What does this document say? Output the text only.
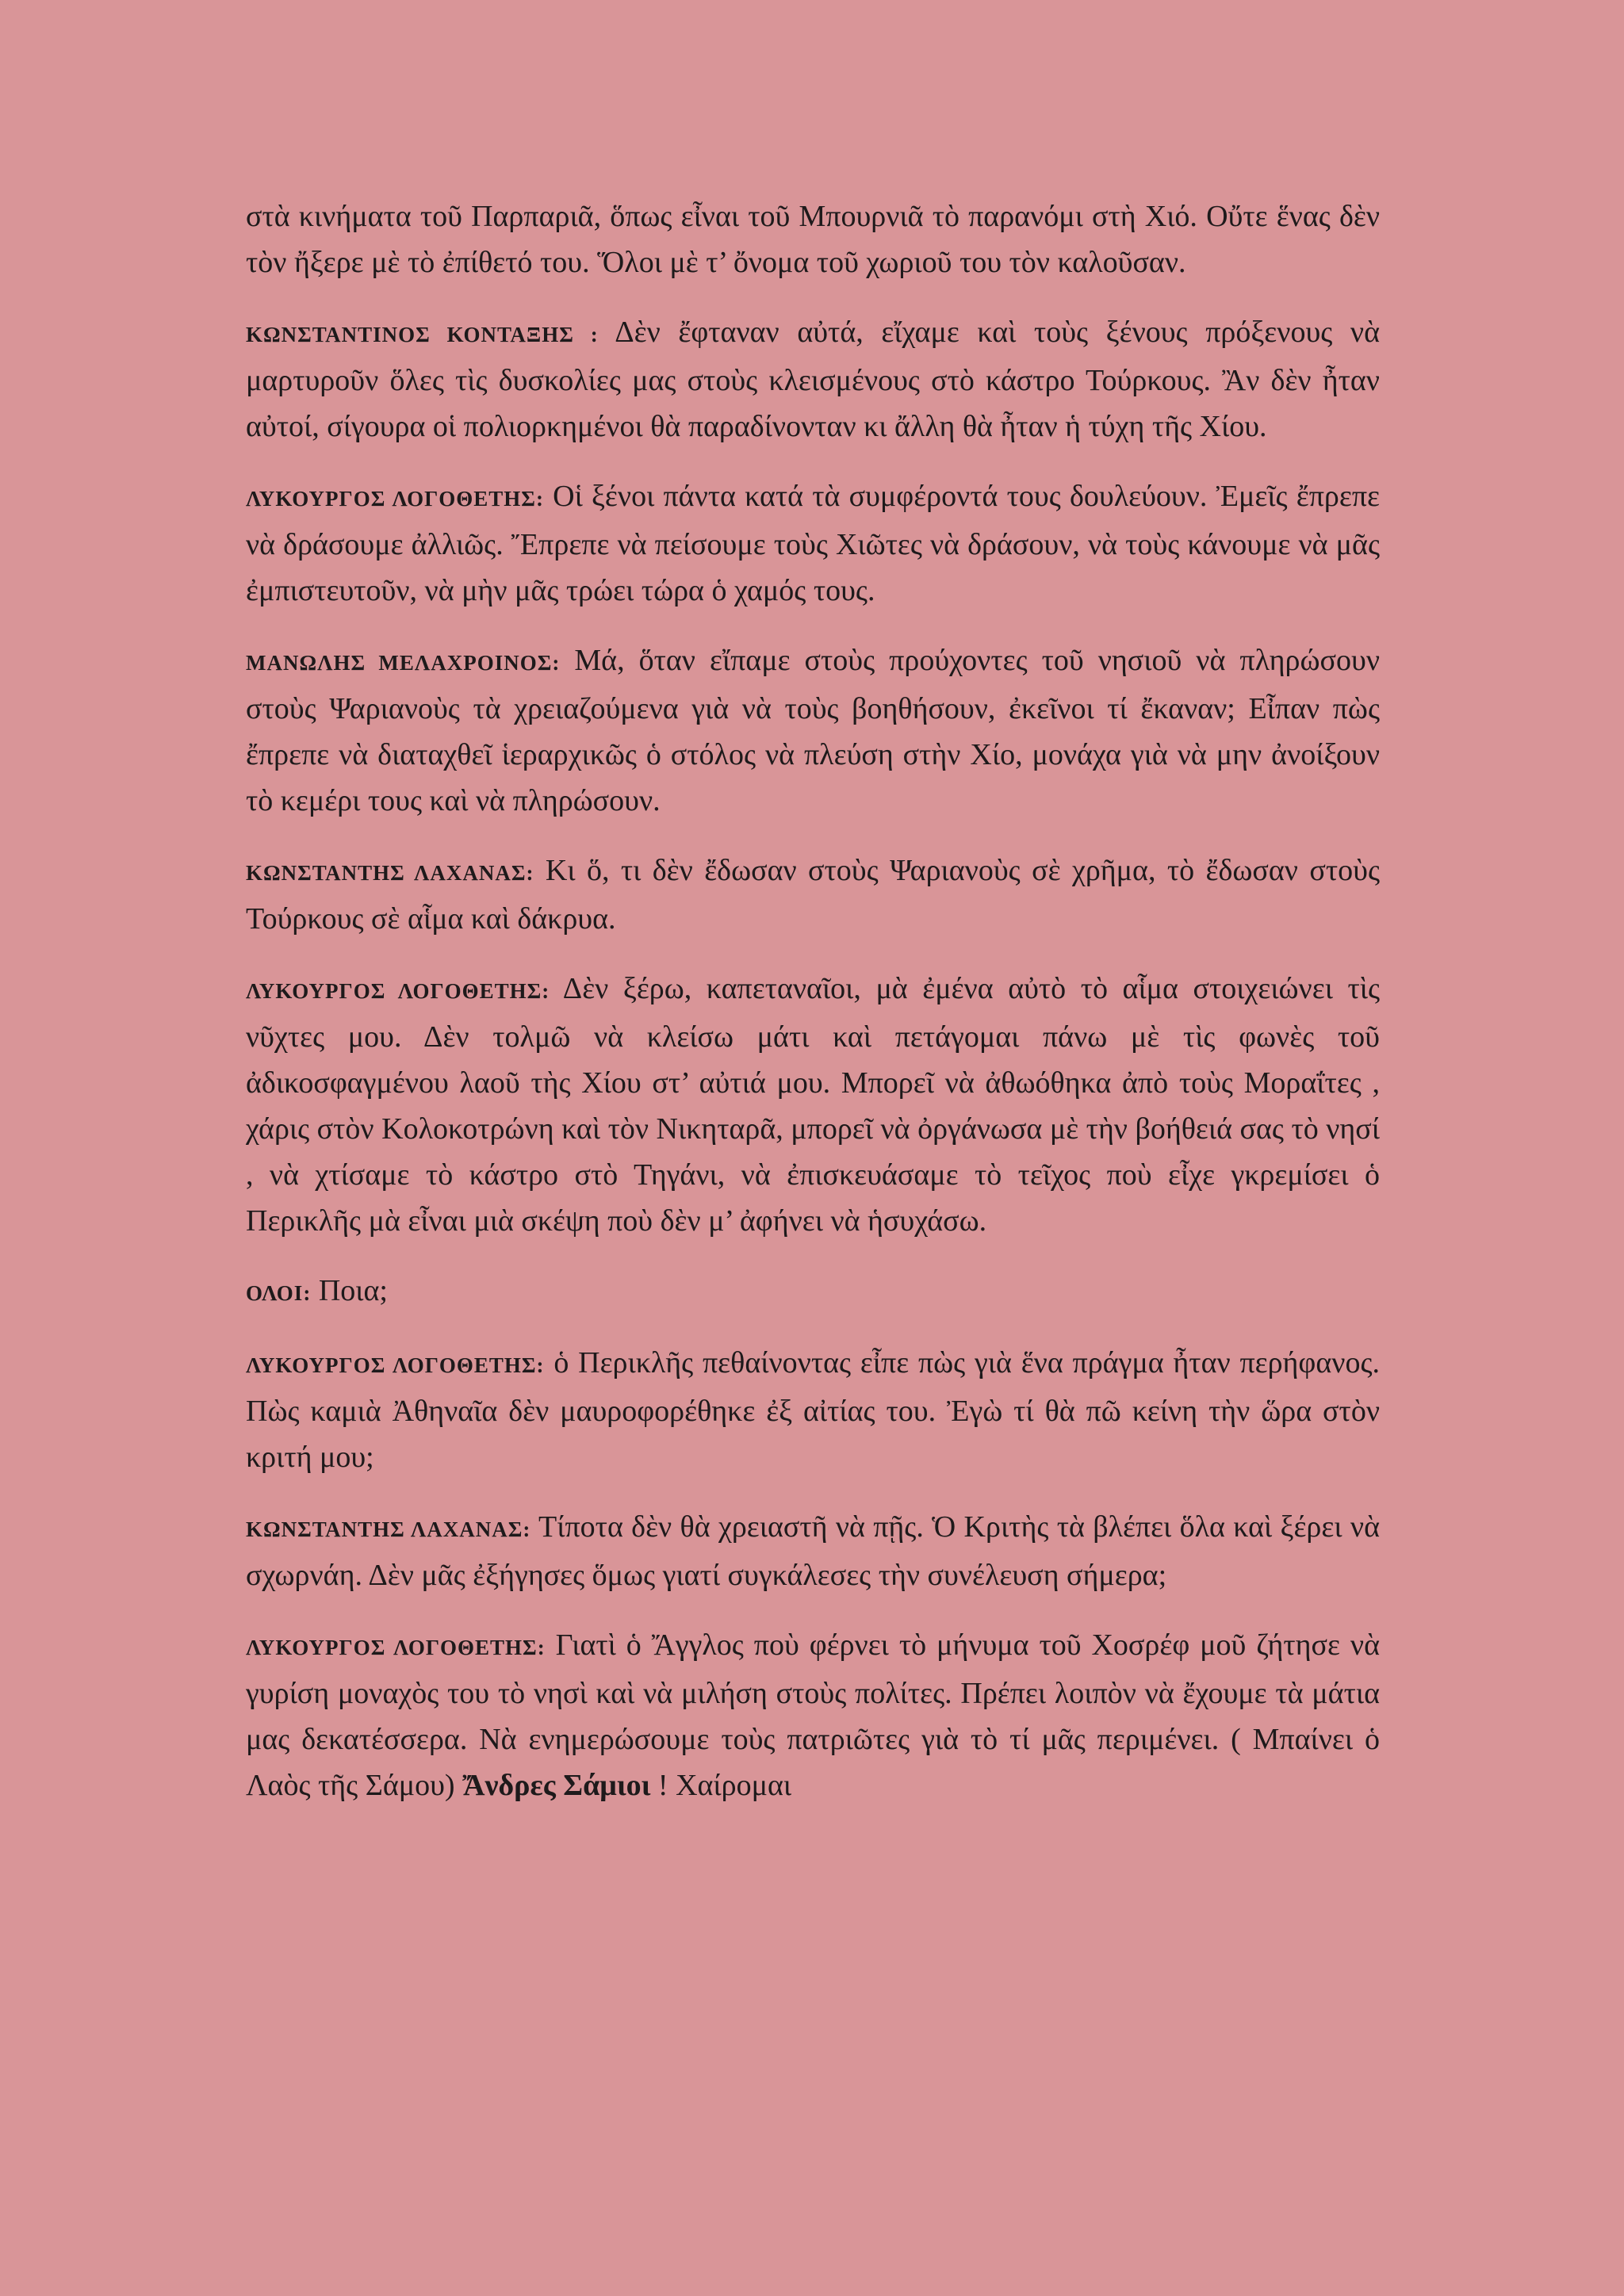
στὰ κινήματα τοῦ Παρπαριᾶ, ὅπως εἶναι τοῦ Μπουρνιᾶ τὸ παρανόμι στὴ Χιό. Οὔτε ἕνας δὲν τὸν ἤξερε μὲ τὸ ἐπίθετό του. Ὅλοι μὲ τ’ ὄνομα τοῦ χωριοῦ του τὸν καλοῦσαν.

ΚΩΝΣΤΑΝΤΙΝΟΣ ΚΟΝΤΑΞΗΣ : Δὲν ἔφταναν αὐτά, εἴχαμε καὶ τοὺς ξένους πρόξενους νὰ μαρτυροῦν ὅλες τὶς δυσκολίες μας στοὺς κλεισμένους στὸ κάστρο Τούρκους. Ἂν δὲν ἦταν αὐτοί, σίγουρα οἱ πολιορκημένοι θὰ παραδίνονταν κι ἄλλη θὰ ἦταν ἡ τύχη τῆς Χίου.

ΛΥΚΟΥΡΓΟΣ ΛΟΓΟΘΕΤΗΣ: Οἱ ξένοι πάντα κατά τὰ συμφέροντά τους δουλεύουν. Ἐμεῖς ἔπρεπε νὰ δράσουμε ἀλλιῶς. Ἔπρεπε νὰ πείσουμε τοὺς Χιῶτες νὰ δράσουν, νὰ τοὺς κάνουμε νὰ μᾶς ἐμπιστευτοῦν, νὰ μὴν μᾶς τρώει τώρα ὁ χαμός τους.

ΜΑΝΩΛΗΣ ΜΕΛΑΧΡΟΙΝΟΣ: Μά, ὅταν εἴπαμε στοὺς προύχοντες τοῦ νησιοῦ νὰ πληρώσουν στοὺς Ψαριανοὺς τὰ χρειαζούμενα γιὰ νὰ τοὺς βοηθήσουν, ἐκεῖνοι τί ἔκαναν; Εἶπαν πὼς ἔπρεπε νὰ διαταχθεῖ ἱεραρχικῶς ὁ στόλος νὰ πλεύση στὴν Χίο, μονάχα γιὰ νὰ μην ἀνοίξουν τὸ κεμέρι τους καὶ νὰ πληρώσουν.

ΚΩΝΣΤΑΝΤΗΣ ΛΑΧΑΝΑΣ: Κι ὅ, τι δὲν ἔδωσαν στοὺς Ψαριανοὺς σὲ χρῆμα, τὸ ἔδωσαν στοὺς Τούρκους σὲ αἷμα καὶ δάκρυα.

ΛΥΚΟΥΡΓΟΣ ΛΟΓΟΘΕΤΗΣ: Δὲν ξέρω, καπεταναῖοι, μὰ ἐμένα αὐτὸ τὸ αἷμα στοιχειώνει τὶς νῦχτες μου. Δὲν τολμῶ νὰ κλείσω μάτι καὶ πετάγομαι πάνω μὲ τὶς φωνὲς τοῦ ἀδικοσφαγμένου λαοῦ τὴς Χίου στ’ αὐτιά μου. Μπορεῖ νὰ ἀθωόθηκα ἀπὸ τοὺς Μοραΐτες , χάρις στὸν Κολοκοτρώνη καὶ τὸν Νικηταρᾶ, μπορεῖ νὰ ὀργάνωσα μὲ τὴν βοήθειά σας τὸ νησί , νὰ χτίσαμε τὸ κάστρο στὸ Τηγάνι, νὰ ἐπισκευάσαμε τὸ τεῖχος ποὺ εἶχε γκρεμίσει ὁ Περικλῆς μὰ εἶναι μιὰ σκέψη ποὺ δὲν μ’ ἀφήνει νὰ ἡσυχάσω.

ΟΛΟΙ: Ποια;

ΛΥΚΟΥΡΓΟΣ ΛΟΓΟΘΕΤΗΣ: ὁ Περικλῆς πεθαίνοντας εἶπε πὼς γιὰ ἕνα πράγμα ἦταν περήφανος. Πὼς καμιὰ Ἀθηναῖα δὲν μαυροφορέθηκε ἐξ αἰτίας του. Ἐγὼ τί θὰ πῶ κείνη τὴν ὥρα στὸν κριτή μου;

ΚΩΝΣΤΑΝΤΗΣ ΛΑΧΑΝΑΣ: Τίποτα δὲν θὰ χρειαστῆ νὰ πῇς. Ὁ Κριτὴς τὰ βλέπει ὅλα καὶ ξέρει νὰ σχωρνάη. Δὲν μᾶς ἐξήγησες ὅμως γιατί συγκάλεσες τὴν συνέλευση σήμερα;

ΛΥΚΟΥΡΓΟΣ ΛΟΓΟΘΕΤΗΣ: Γιατὶ ὁ Ἄγγλος ποὺ φέρνει τὸ μήνυμα τοῦ Χοσρέφ μοῦ ζήτησε νὰ γυρίση μοναχὸς του τὸ νησὶ καὶ νὰ μιλήση στοὺς πολίτες. Πρέπει λοιπὸν νὰ ἔχουμε τὰ μάτια μας δεκατέσσερα. Νὰ ενημερώσουμε τοὺς πατριῶτες γιὰ τὸ τί μᾶς περιμένει. ( Μπαίνει ὁ Λαὸς τῆς Σάμου) Ἄνδρες Σάμιοι ! Χαίρομαι
